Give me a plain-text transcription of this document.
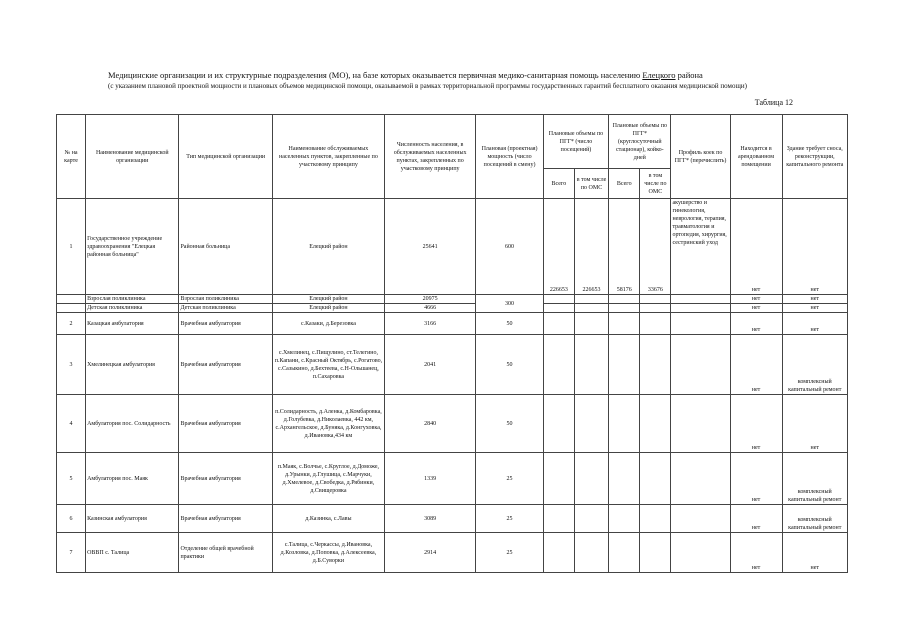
Медицинские организации и их структурные подразделения (МО), на базе которых оказывается первичная медико-санитарная помощь населению Елецкого района
(с указанием плановой проектной мощности и плановых объемов медицинской помощи, оказываемой в рамках территориальной программы государственных гарантий бесплатного оказания медицинской помощи)
Таблица 12
№ на карте	Наименование медицинской организации	Тип медицинской организации	Наименование обслуживаемых населенных пунктов, закрепленные по участковому принципу	Численность населения, в обслуживаемых населенных пунктах, закрепленных по участковому принципу	Плановая (проектная) мощность (число посещений в смену)	Плановые объемы по ПГГ* (число посещений)		Плановые объемы по ПГГ* (круглосуточный стационар), койко-дней		Профиль коек по ПГГ* (перечислить)	Находится в арендованном помещении	Здание требует сноса, реконструкции, капитального ремонта
						Всего	в том числе по ОМС	Всего	в том числе по ОМС			
1	Государственное учреждение здравоохранения "Елецкая районная больница"	Районная больница	Елецкий район	25641	600	226653	226653	58176	33676	акушерство и гинекология, неврология, терапия, травматология и ортопедия, хирургия, сестринский уход	нет	нет
	Взрослая поликлиника	Взрослая поликлиника	Елецкий район	20975	300						нет	нет
	Детская поликлиника	Детская поликлиника	Елецкий район	4666							нет	нет
2	Казацкая амбулатория	Врачебная амбулатория	с.Казаки, д.Березовка	3166	50						нет	нет
3	Хмелинецкая амбулатория	Врачебная амбулатория	с.Хмелинец, с.Пищулино, ст.Телегино, п.Капани, с.Красный Октябрь, с.Рогатово, с.Сазыкино, д.Бехтеева, с.Н-Ольшанец, п.Сахаровка	2041	50						нет	комплексный капитальный ремонт
4	Амбулатория пос. Солидарность	Врачебная амбулатория	п.Солидарность, д.Аленка, д.Комбаровка, д.Голубевка, д.Николаевка, 442 км, с.Архангельское, д.Буняка, д.Конгуховка, д.Ивановка,434 км	2840	50						нет	нет
5	Амбулатория пос. Маяк	Врачебная амбулатория	п.Маяк, с.Волчье, с.Круглое, д.Доможе, д.Урынки, д.Глушица, с.Марчуки, д.Хмелевое, д.Свобедка, д.Рябинки, д.Свищеровка	1339	25						нет	комплексный капитальный ремонт
6	Казинская амбулатория	Врачебная амбулатория	д.Казинка, с.Лавы	3089	25						нет	комплексный капитальный ремонт
7	ОВВП с. Талица	Отделение общей врачебной практики	с.Талица, с.Черкассы, д.Ивановка, д.Козловка, д.Поповка, д.Алексеевка, д.Б.Суворки	2914	25						нет	нет
